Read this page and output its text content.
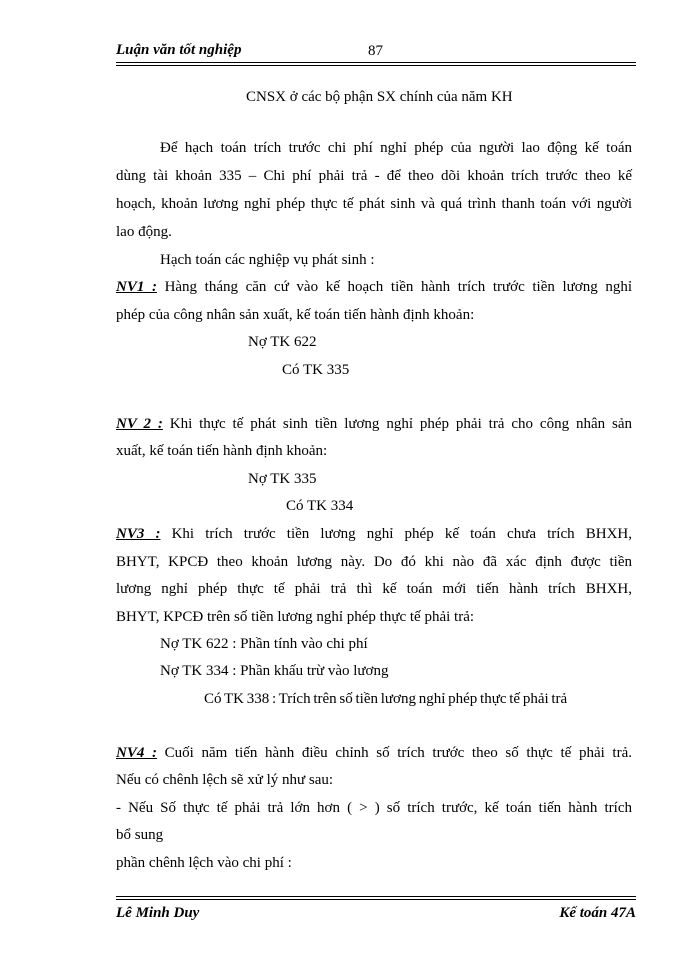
Luận văn tốt nghiệp	87
CNSX ở các bộ phận SX chính của năm KH
Để hạch toán trích trước chi phí nghỉ phép của người lao động kế toán
dùng tài khoản 335 – Chi phí phải trả - để theo dõi khoản trích trước theo kế
hoạch, khoản lương nghỉ phép thực tế phát sinh và quá trình thanh toán với người
lao động.
Hạch toán các nghiệp vụ phát sinh :
NV1 : Hàng tháng căn cứ vào kế hoạch tiền hành trích trước tiền lương nghỉ
phép của công nhân sản xuất, kế toán tiến hành định khoản:
Nợ TK 622
Có TK 335
NV 2 : Khi thực tế phát sinh tiền lương nghỉ phép phải trả cho công nhân sản
xuất, kế toán tiến hành định khoản:
Nợ TK 335
Có TK 334
NV3 : Khi trích trước tiền lương nghỉ phép kế toán chưa trích BHXH,
BHYT, KPCĐ theo khoản lương này. Do đó khi nào đã xác định được tiền
lương nghỉ phép thực tế phải trả thì kế toán mới tiến hành trích BHXH,
BHYT, KPCĐ trên số tiền lương nghỉ phép thực tế phải trả:
Nợ TK 622 : Phần tính vào chi phí
Nợ TK 334 : Phần khấu trừ vào lương
Có TK 338 : Trích trên số tiền lương nghỉ phép thực tế phải trả
NV4 : Cuối năm tiến hành điều chỉnh số trích trước theo số thực tế phải trả.
Nếu có chênh lệch sẽ xử lý như sau:
- Nếu Số thực tế phải trả lớn hơn ( > ) số trích trước, kế toán tiến hành trích
bổ sung
phần chênh lệch vào chi phí :
Lê Minh Duy	Kế toán 47A
